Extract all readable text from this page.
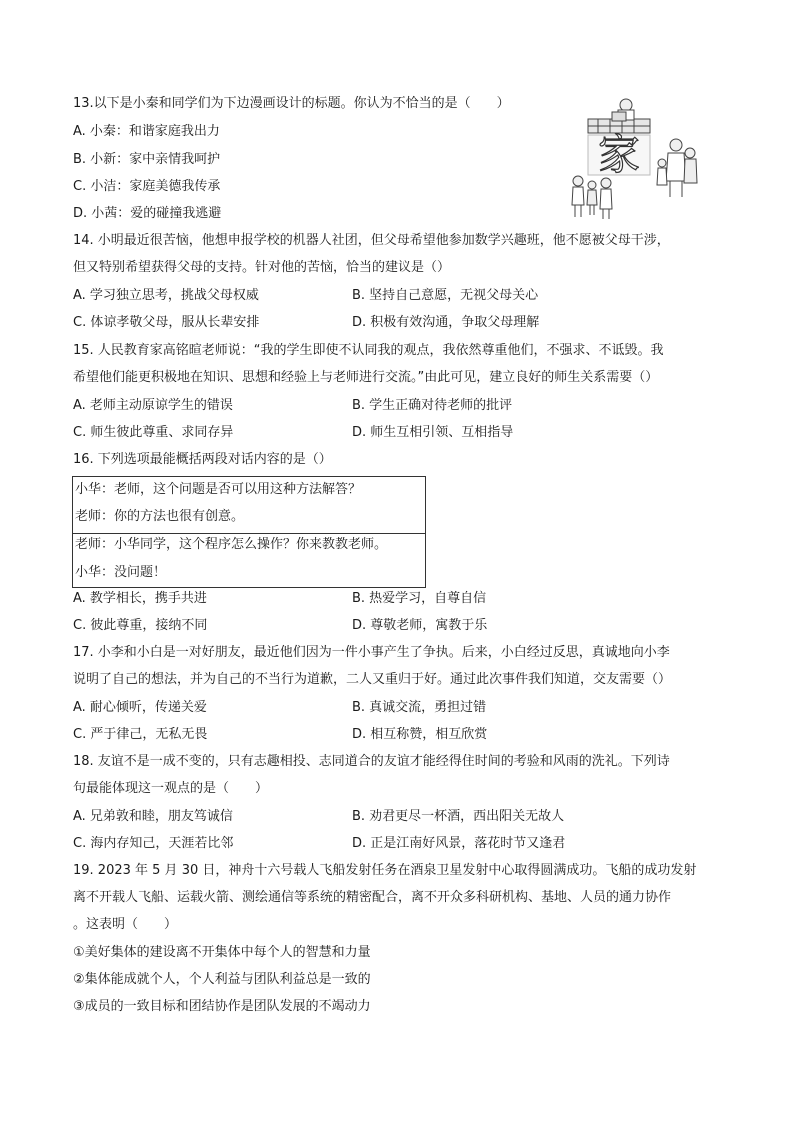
13.以下是小秦和同学们为下边漫画设计的标题。你认为不恰当的是（　　）
A. 小秦：和谐家庭我出力
B. 小新：家中亲情我呵护
C. 小洁：家庭美德我传承
D. 小茜：爱的碰撞我逃避
家
14. 小明最近很苦恼，他想申报学校的机器人社团，但父母希望他参加数学兴趣班，他不愿被父母干涉，
但又特别希望获得父母的支持。针对他的苦恼，恰当的建议是（）
A. 学习独立思考，挑战父母权威	B. 坚持自己意愿，无视父母关心
C. 体谅孝敬父母，服从长辈安排	D. 积极有效沟通，争取父母理解
15. 人民教育家高铭暄老师说：“我的学生即使不认同我的观点，我依然尊重他们，不强求、不诋毁。我
希望他们能更积极地在知识、思想和经验上与老师进行交流。”由此可见，建立良好的师生关系需要（）
A. 老师主动原谅学生的错误	B. 学生正确对待老师的批评
C. 师生彼此尊重、求同存异	D. 师生互相引领、互相指导
16. 下列选项最能概括两段对话内容的是（）
小华：老师，这个问题是否可以用这种方法解答？
老师：你的方法也很有创意。
老师：小华同学，这个程序怎么操作？你来教教老师。
小华：没问题！
A. 教学相长，携手共进	B. 热爱学习，自尊自信
C. 彼此尊重，接纳不同	D. 尊敬老师，寓教于乐
17. 小李和小白是一对好朋友，最近他们因为一件小事产生了争执。后来，小白经过反思，真诚地向小李
说明了自己的想法，并为自己的不当行为道歉，二人又重归于好。通过此次事件我们知道，交友需要（）
A. 耐心倾听，传递关爱	B. 真诚交流，勇担过错
C. 严于律己，无私无畏	D. 相互称赞，相互欣赏
18. 友谊不是一成不变的，只有志趣相投、志同道合的友谊才能经得住时间的考验和风雨的洗礼。下列诗
句最能体现这一观点的是（　　）
A. 兄弟敦和睦，朋友笃诚信	B. 劝君更尽一杯酒，西出阳关无故人
C. 海内存知己，天涯若比邻	D. 正是江南好风景，落花时节又逢君
19. 2023 年 5 月 30 日，神舟十六号载人飞船发射任务在酒泉卫星发射中心取得圆满成功。飞船的成功发射
离不开载人飞船、运载火箭、测绘通信等系统的精密配合，离不开众多科研机构、基地、人员的通力协作
。这表明（　　）
①美好集体的建设离不开集体中每个人的智慧和力量
②集体能成就个人，个人利益与团队利益总是一致的
③成员的一致目标和团结协作是团队发展的不竭动力
